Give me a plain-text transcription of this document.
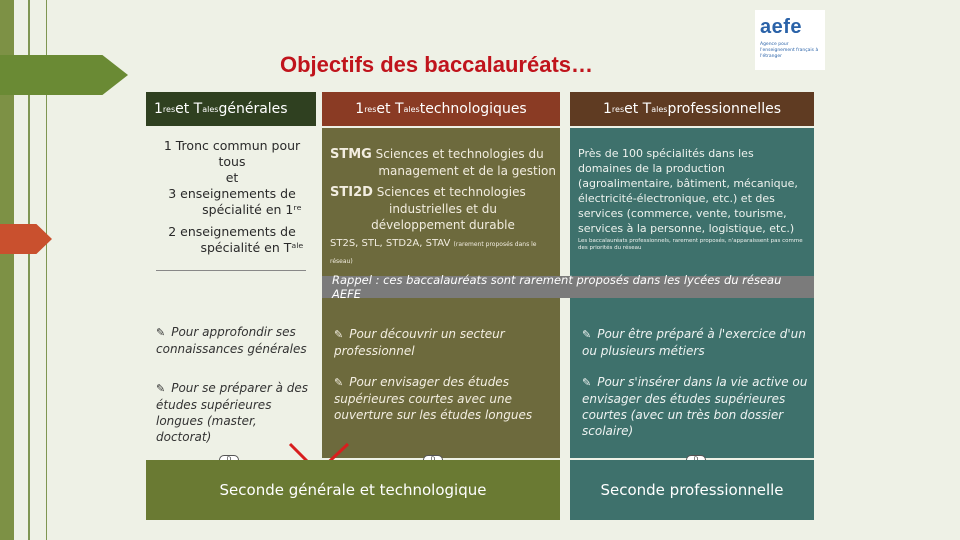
Objectifs des baccalauréats…
aefe
Agence pour l'enseignement français à l'étranger
1 res et T ales générales	1 res et T ales technologiques	1 res et T ales professionnelles
1 Tronc commun pour tous
et
3 enseignements de
spécialité en 1ʳᵉ
2 enseignements de
spécialité en Tᵃˡᵉ
STMG Sciences et technologies du
management et de la gestion
STI2D Sciences et technologies
industrielles et du
développement durable
ST2S, STL, STD2A, STAV (rarement proposés dans le réseau)
Près de 100 spécialités dans les domaines de la production (agroalimentaire, bâtiment, mécanique, électricité-électronique, etc.) et des services (commerce, vente, tourisme, services à la personne, logistique, etc.)
Les baccalauréats professionnels, rarement proposés, n'apparaissent pas comme des priorités du réseau
Rappel : ces baccalauréats sont rarement proposés dans les lycées du réseau AEFE
✎ Pour approfondir ses connaissances générales
✎ Pour se préparer à des études supérieures longues (master, doctorat)
✎ Pour découvrir un secteur professionnel
✎ Pour envisager des études supérieures courtes avec une ouverture sur les études longues
✎ Pour être préparé à l'exercice d'un ou plusieurs métiers
✎ Pour s'insérer dans la vie active ou envisager des études supérieures courtes (avec un très bon dossier scolaire)
Seconde générale et technologique	Seconde professionnelle
